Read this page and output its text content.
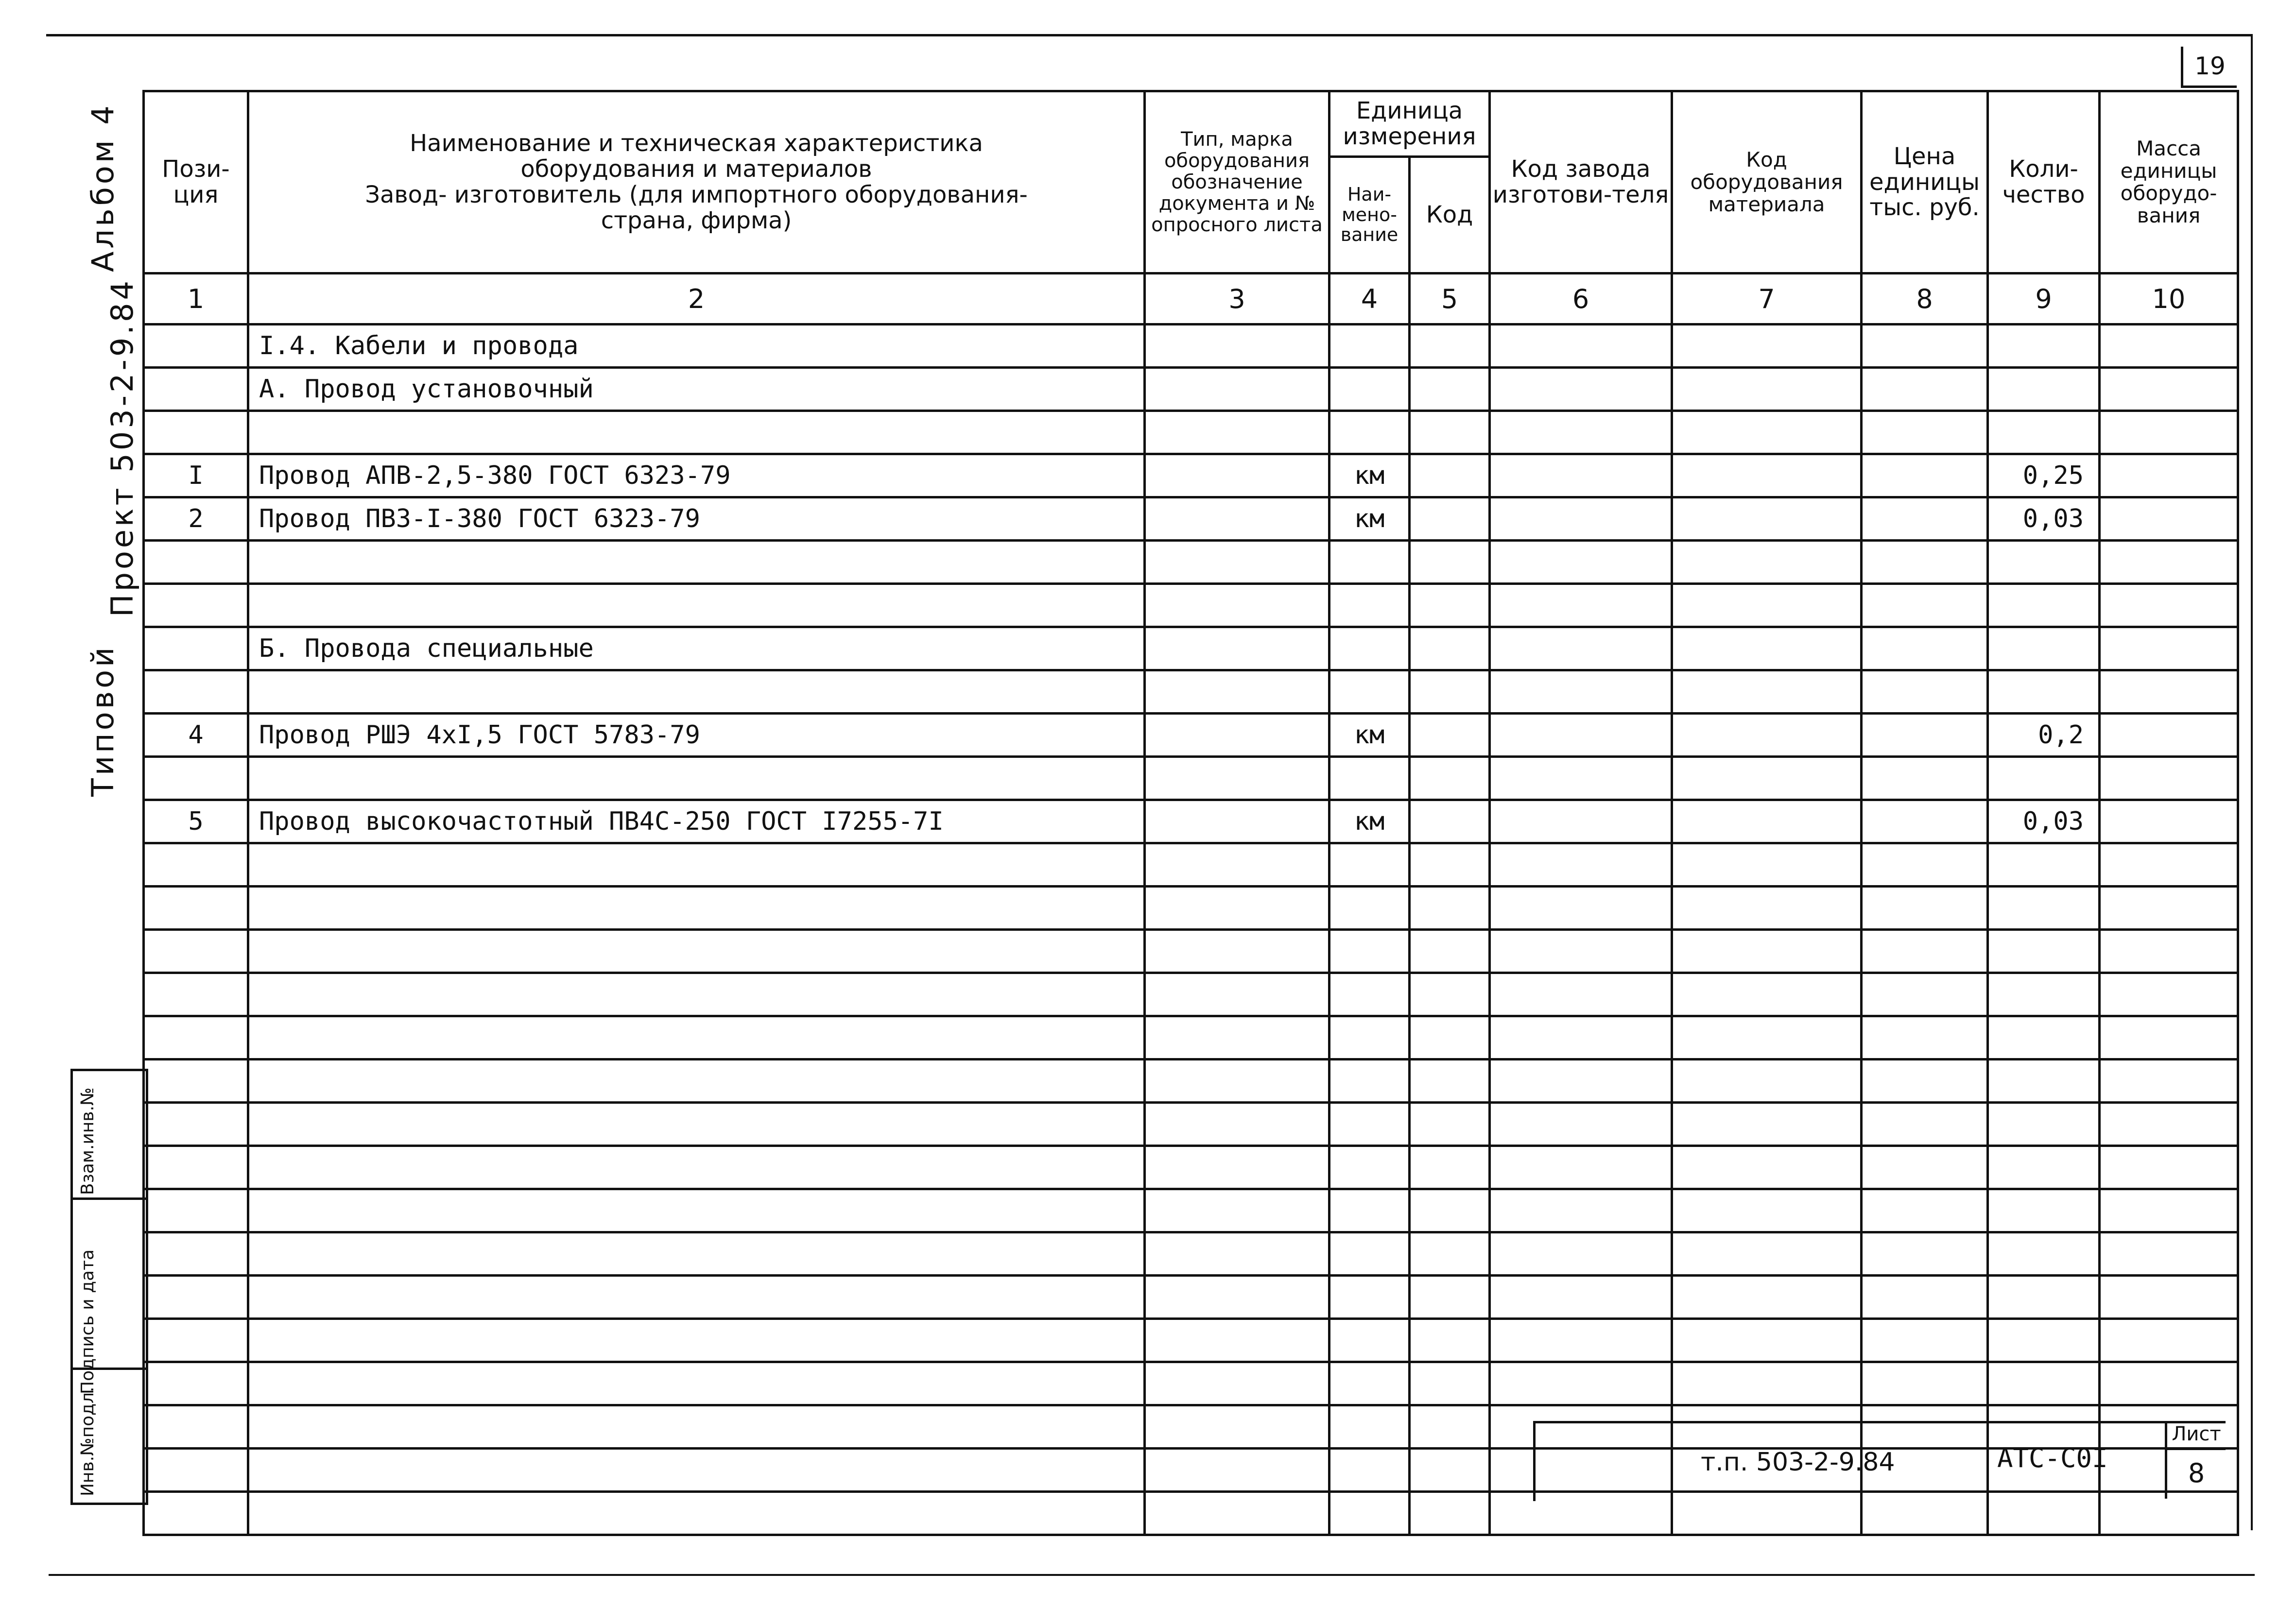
19
Альбом 4
Проект 503-2-9.84
Типовой
Взам.инв.№
Подпись и дата
Инв.№подл.
Пози-ция	Наименование и техническая характеристика
оборудования и материалов
Завод- изготовитель (для импортного оборудования-
страна, фирма)	Тип, марка оборудования обозначение документа и № опросного листа	Единица измерения		Код завода изготови-теля	Код оборудования материала	Цена единицы тыс. руб.	Коли-чество	Масса единицы оборудо-вания
			Наи-мено-вание	Код					
1	2	3	4	5	6	7	8	9	10
	I.4. Кабели и провода								
	А. Провод установочный								

I	Провод АПВ-2,5-380 ГОСТ 6323-79		км					0,25	
2	Провод ПВЗ-I-380 ГОСТ 6323-79		км					0,03	

	Б. Провода специальные								

4	Провод РШЭ 4хI,5 ГОСТ 5783-79		км					0,2	

5	Провод высокочастотный ПВ4С-250 ГОСТ I7255-7I		км					0,03	

т.п. 503-2-9.84	АТС-С0I
Лист
8
